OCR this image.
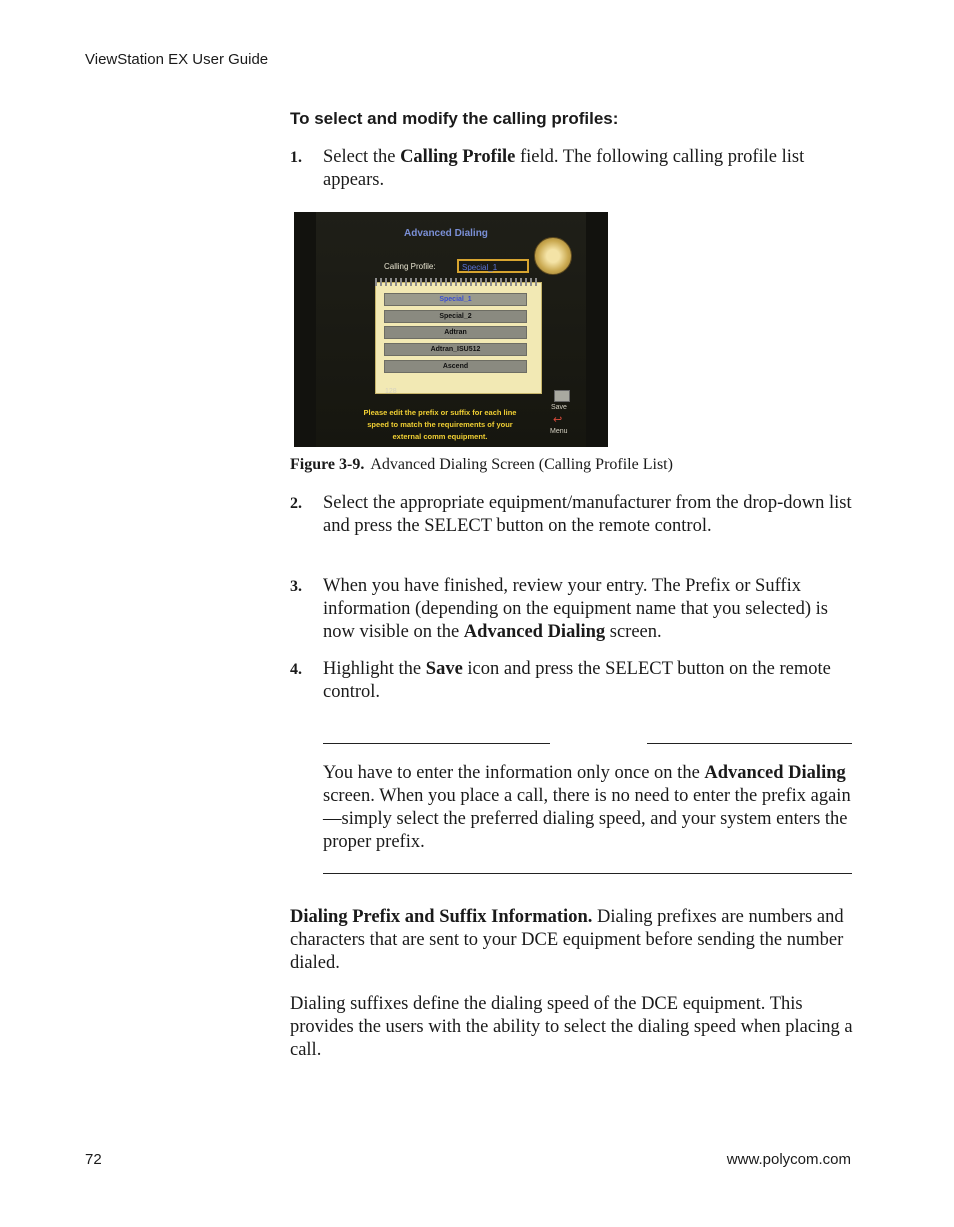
ViewStation EX User Guide
To select and modify the calling profiles:
1. Select the Calling Profile field. The following calling profile list appears.
Advanced Dialing
Calling Profile:	Special_1
Special_1
Special_2
Adtran
Adtran_ISU512
Ascend
128
Please edit the prefix or suffix for each line
speed to match the requirements of your
external comm equipment.
Save
↩
Menu
Figure 3-9. Advanced Dialing Screen (Calling Profile List)
2. Select the appropriate equipment/manufacturer from the drop-down list and press the SELECT button on the remote control.
3. When you have finished, review your entry. The Prefix or Suffix information (depending on the equipment name that you selected) is now visible on the Advanced Dialing screen.
4. Highlight the Save icon and press the SELECT button on the remote control.
You have to enter the information only once on the Advanced Dialing screen. When you place a call, there is no need to enter the prefix again—simply select the preferred dialing speed, and your system enters the proper prefix.
Dialing Prefix and Suffix Information. Dialing prefixes are numbers and characters that are sent to your DCE equipment before sending the number dialed.
Dialing suffixes define the dialing speed of the DCE equipment. This provides the users with the ability to select the dialing speed when placing a call.
72	www.polycom.com
